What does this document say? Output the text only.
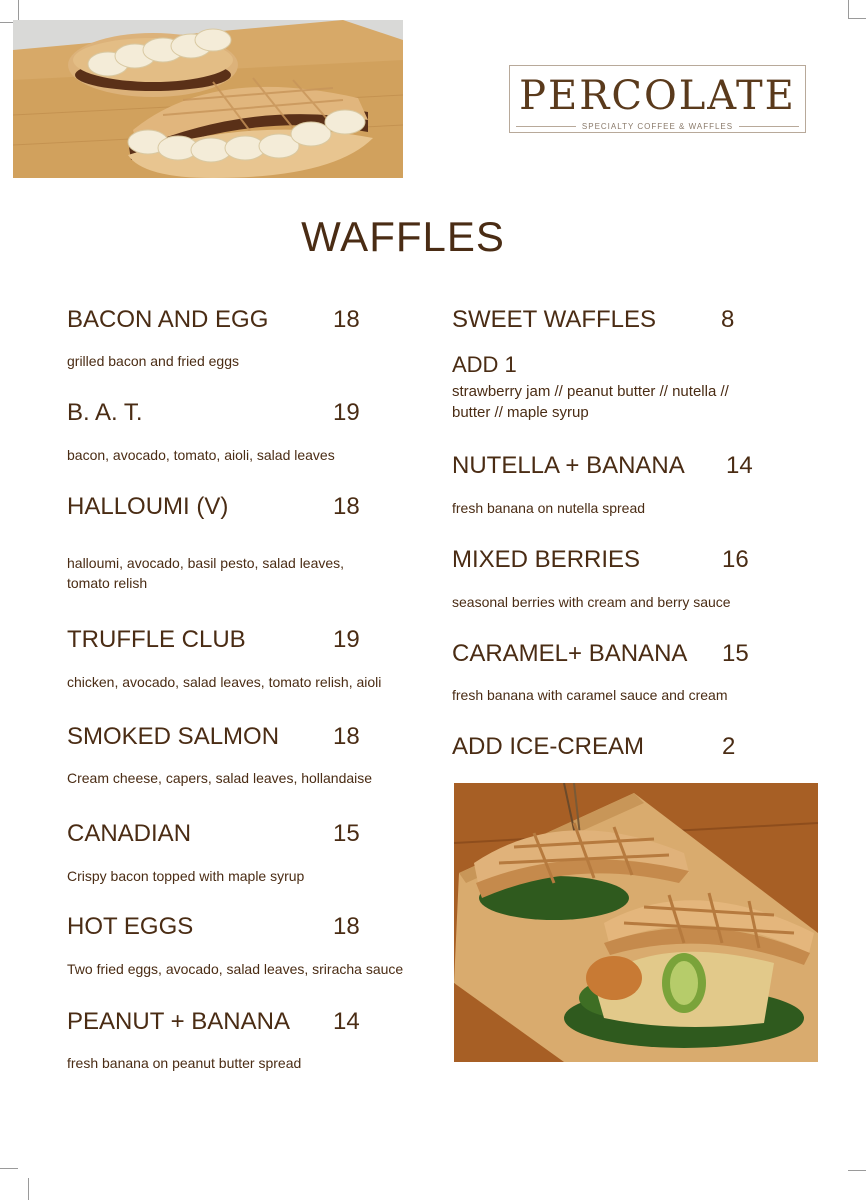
PERCOLATE
SPECIALTY COFFEE & WAFFLES
WAFFLES
BACON AND EGG	18
grilled bacon and fried eggs
B. A. T.	19
bacon, avocado, tomato, aioli, salad leaves
HALLOUMI (V)	18
halloumi, avocado, basil pesto, salad leaves,
tomato relish
TRUFFLE CLUB	19
chicken, avocado, salad leaves, tomato relish, aioli
SMOKED SALMON 18
Cream cheese, capers, salad leaves, hollandaise
CANADIAN	15
Crispy bacon topped with maple syrup
HOT EGGS	18
Two fried eggs, avocado, salad leaves, sriracha sauce
PEANUT + BANANA 14
fresh banana on peanut butter spread
SWEET WAFFLES	8
ADD 1
strawberry jam // peanut butter // nutella //
butter // maple syrup
NUTELLA + BANANA 14
fresh banana on nutella spread
MIXED BERRIES	16
seasonal berries with cream and berry sauce
CARAMEL+ BANANA 15
fresh banana with caramel sauce and cream
ADD ICE-CREAM	2
